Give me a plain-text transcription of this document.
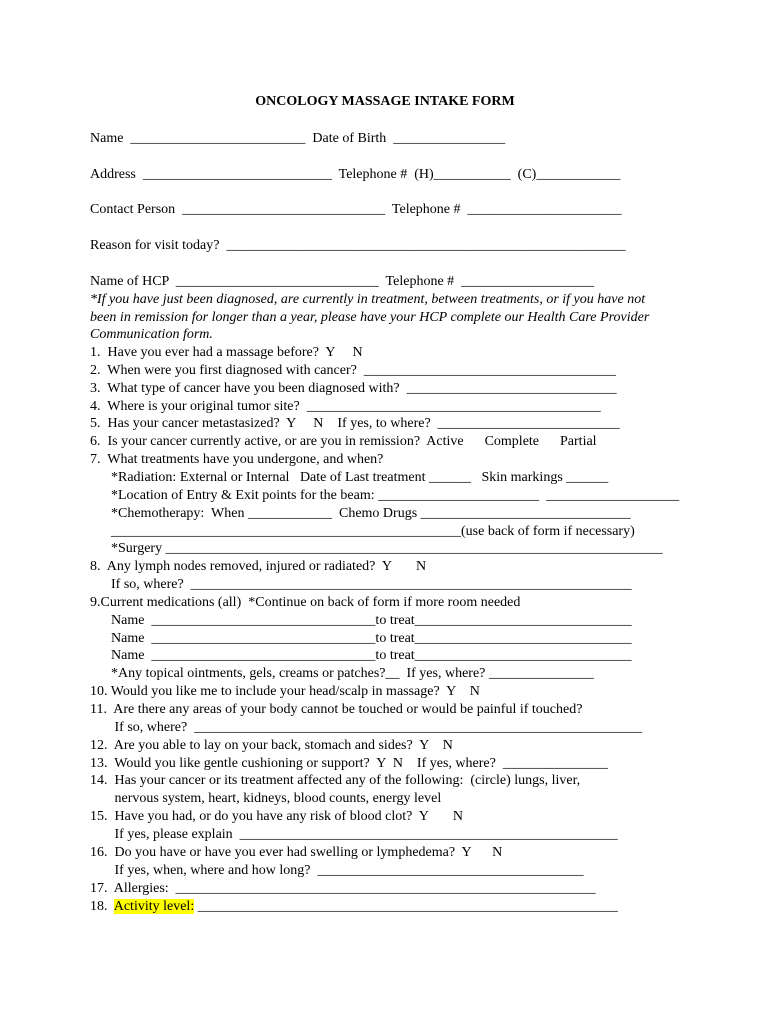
ONCOLOGY MASSAGE INTAKE FORM
Name  _________________________  Date of Birth  ________________
Address  ___________________________  Telephone #  (H)___________  (C)____________
Contact Person  _____________________________  Telephone #  ______________________
Reason for visit today?  _________________________________________________________
Name of HCP  _____________________________  Telephone #  ___________________
*If you have just been diagnosed, are currently in treatment, between treatments, or if you have not
been in remission for longer than a year, please have your HCP complete our Health Care Provider
Communication form.
1.  Have you ever had a massage before?  Y     N
2.  When were you first diagnosed with cancer?  ____________________________________
3.  What type of cancer have you been diagnosed with?  ______________________________
4.  Where is your original tumor site?  __________________________________________
5.  Has your cancer metastasized?  Y     N    If yes, to where?  __________________________
6.  Is your cancer currently active, or are you in remission?  Active      Complete      Partial
7.  What treatments have you undergone, and when?
*Radiation: External or Internal   Date of Last treatment ______   Skin markings ______
*Location of Entry & Exit points for the beam: _______________________  ___________________
*Chemotherapy:  When ____________  Chemo Drugs ______________________________
__________________________________________________(use back of form if necessary)
*Surgery _______________________________________________________________________
8.  Any lymph nodes removed, injured or radiated?  Y       N
If so, where?  _______________________________________________________________
9.Current medications (all)  *Continue on back of form if more room needed
Name  ________________________________to treat_______________________________
Name  ________________________________to treat_______________________________
Name  ________________________________to treat_______________________________
*Any topical ointments, gels, creams or patches?__  If yes, where? _______________
10. Would you like me to include your head/scalp in massage?  Y    N
11.  Are there any areas of your body cannot be touched or would be painful if touched?
If so, where?  ________________________________________________________________
12.  Are you able to lay on your back, stomach and sides?  Y    N
13.  Would you like gentle cushioning or support?  Y  N    If yes, where?  _______________
14.  Has your cancer or its treatment affected any of the following:  (circle) lungs, liver,
nervous system, heart, kidneys, blood counts, energy level
15.  Have you had, or do you have any risk of blood clot?  Y       N
If yes, please explain  ______________________________________________________
16.  Do you have or have you ever had swelling or lymphedema?  Y      N
If yes, when, where and how long?  ______________________________________
17.  Allergies:  ____________________________________________________________
18. Activity level: ____________________________________________________________
